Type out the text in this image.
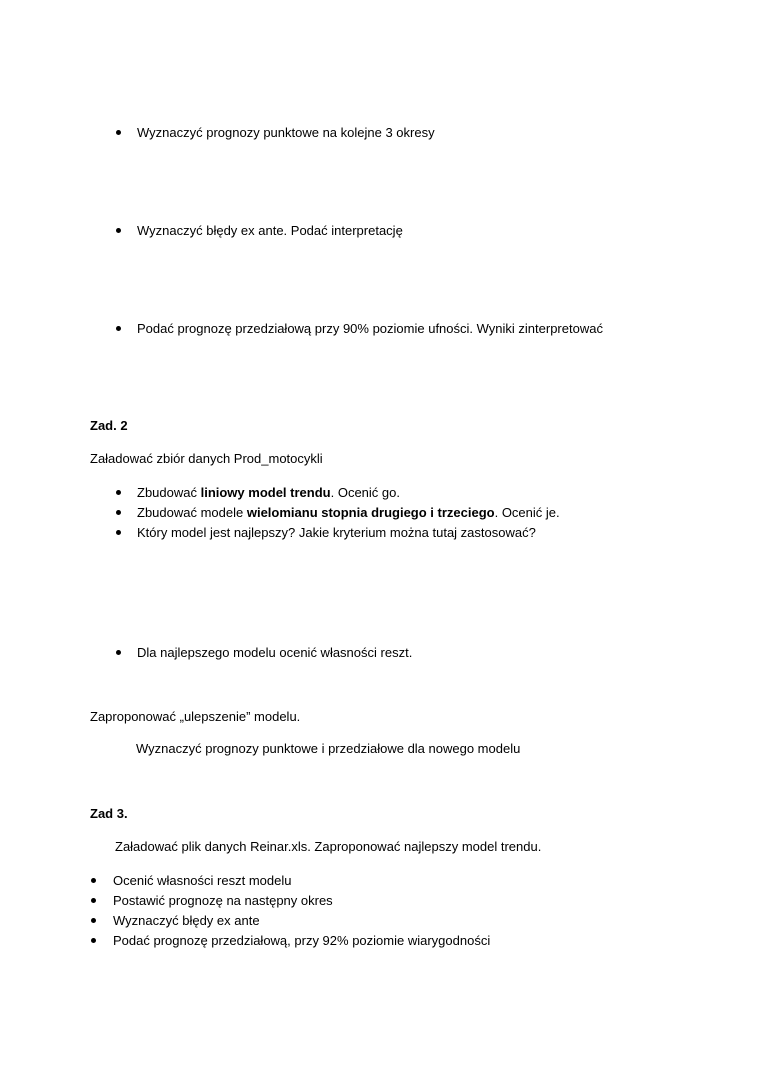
Wyznaczyć prognozy punktowe na kolejne 3 okresy
Wyznaczyć błędy ex ante. Podać interpretację
Podać prognozę przedziałową przy 90% poziomie ufności. Wyniki zinterpretować
Zad. 2
Załadować zbiór danych Prod_motocykli
Zbudować liniowy model trendu. Ocenić go.
Zbudować modele wielomianu stopnia drugiego i trzeciego. Ocenić je.
Który model jest najlepszy? Jakie kryterium można tutaj zastosować?
Dla najlepszego modelu ocenić własności reszt.
Zaproponować „ulepszenie” modelu.
Wyznaczyć prognozy punktowe i przedziałowe dla nowego modelu
Zad 3.
Załadować plik danych Reinar.xls. Zaproponować najlepszy model trendu.
Ocenić własności reszt modelu
Postawić prognozę na następny okres
Wyznaczyć błędy ex ante
Podać prognozę przedziałową, przy 92% poziomie wiarygodności
